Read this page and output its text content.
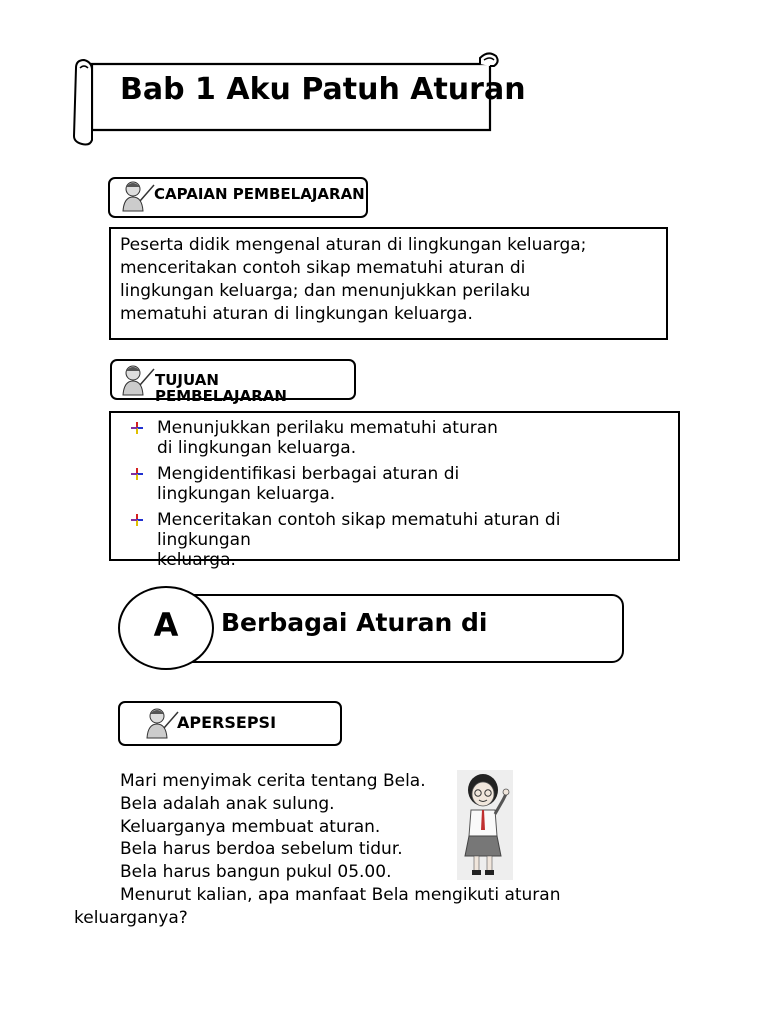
Bab 1 Aku Patuh Aturan
CAPAIAN PEMBELAJARAN
Peserta didik mengenal aturan di lingkungan keluarga;
menceritakan contoh sikap mematuhi aturan di
lingkungan keluarga; dan menunjukkan perilaku
mematuhi aturan di lingkungan keluarga.
TUJUAN
PEMBELAJARAN
Menunjukkan perilaku mematuhi aturan
di lingkungan keluarga.
Mengidentifikasi berbagai aturan di
lingkungan keluarga.
Menceritakan contoh sikap mematuhi aturan di
lingkungan
keluarga.
A	Berbagai Aturan di
APERSEPSI
Mari menyimak cerita tentang Bela.
Bela adalah anak sulung.
Keluarganya membuat aturan.
Bela harus berdoa sebelum tidur.
Bela harus bangun pukul 05.00.
Menurut kalian, apa manfaat Bela mengikuti aturan
keluarganya?
